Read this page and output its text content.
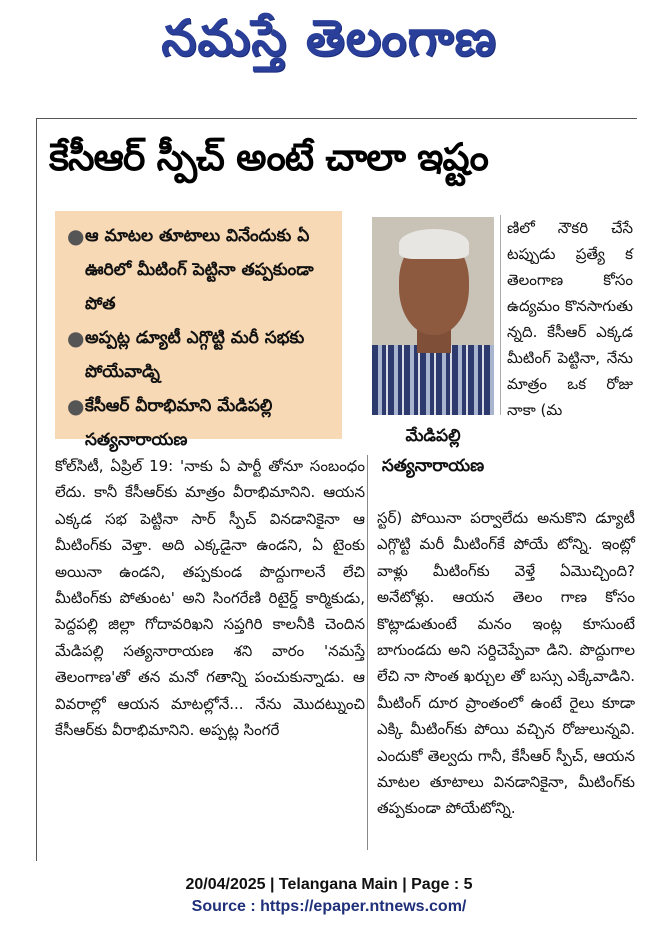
నమస్తే తెలంగాణ
కేసీఆర్ స్పీచ్ అంటే చాలా ఇష్టం
● ఆ మాటల తూటాలు వినేందుకు ఏ ఊరిలో మీటింగ్ పెట్టినా తప్పకుండా పోత
● అప్పట్ల డ్యూటీ ఎగ్గొట్టి మరీ సభకు పోయేవాడ్ని
● కేసీఆర్ వీరాభిమాని మేడిపల్లి సత్యనారాయణ	మేడిపల్లి సత్యనారాయణ
ణిలో నౌకరి చేసే టప్పుడు ప్రత్యే క తెలంగాణ కోసం ఉద్యమం కొనసాగుతు న్నది. కేసీఆర్ ఎక్కడ మీటింగ్ పెట్టినా, నేను మాత్రం ఒక రోజు నాకా (మ
కోల్‌సిటీ, ఏప్రిల్ 19: 'నాకు ఏ పార్టీ తోనూ సంబంధం లేదు. కానీ కేసీఆర్‌కు మాత్రం వీరాభిమానిని. ఆయన ఎక్కడ సభ పెట్టినా సార్ స్పీచ్ వినడానికైనా ఆ మీటింగ్‌కు వెళ్తా. అది ఎక్కడైనా ఉండని, ఏ టైంకు అయినా ఉండని, తప్పకుండ పొద్దుగాలనే లేచి మీటింగ్‌కు పోతుంట' అని సింగరేణి రిటైర్డ్ కార్మికుడు, పెద్దపల్లి జిల్లా గోదావరిఖని సప్తగిరి కాలనీకి చెందిన మేడిపల్లి సత్యనారాయణ శని వారం 'నమస్తే తెలంగాణ'తో తన మనో గతాన్ని పంచుకున్నాడు. ఆ వివరాల్లో ఆయన మాటల్లోనే... నేను మొదట్నుంచి కేసీఆర్‌కు వీరాభిమానిని. అప్పట్ల సింగరే
స్టర్) పోయినా పర్వాలేదు అనుకొని డ్యూటీ ఎగ్గొట్టి మరీ మీటింగ్‌కే పోయే టోన్ని. ఇంట్లో వాళ్లు మీటింగ్‌కు వెళ్తే ఏమొచ్చింది? అనేటోళ్లు. ఆయన తెలం గాణ కోసం కొట్లాడుతుంటే మనం ఇంట్ల కూసుంటే బాగుండదు అని సర్దిచెప్పేవా డిని. పొద్దుగాల లేచి నా సొంత ఖర్చుల తో బస్సు ఎక్కేవాడిని. మీటింగ్ దూర ప్రాంతంలో ఉంటే రైలు కూడా ఎక్కి మీటింగ్‌కు పోయి వచ్చిన రోజులున్నవి. ఎందుకో తెల్వదు గానీ, కేసీఆర్ స్పీచ్, ఆయన మాటల తూటాలు వినడానికైనా, మీటింగ్‌కు తప్పకుండా పోయేటోన్ని.
20/04/2025 | Telangana Main | Page : 5
Source : https://epaper.ntnews.com/
